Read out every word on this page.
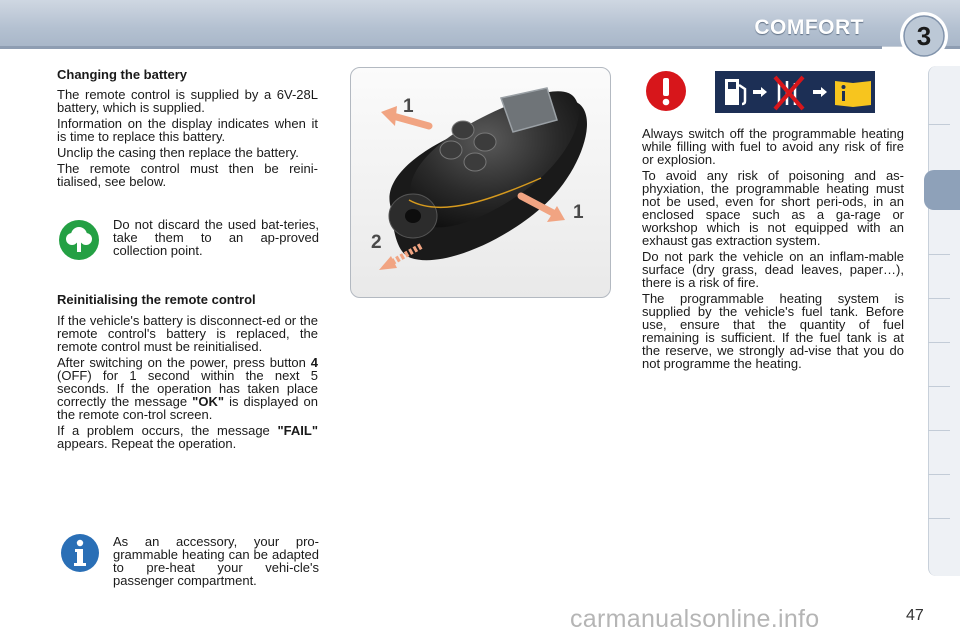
COMFORT 3

Changing the battery

The remote control is supplied by a 6V-28L battery, which is supplied.

Information on the display indicates when it is time to replace this battery.

Unclip the casing then replace the battery.

The remote control must then be reini-tialised, see below.

Do not discard the used bat-teries, take them to an ap-proved collection point.

Reinitialising the remote control

If the vehicle's battery is disconnect-ed or the remote control's battery is replaced, the remote control must be reinitialised.

After switching on the power, press button 4 (OFF) for 1 second within the next 5 seconds. If the operation has taken place correctly the message "OK" is displayed on the remote con-trol screen.

If a problem occurs, the message "FAIL" appears. Repeat the operation.

As an accessory, your pro-grammable heating can be adapted to pre-heat your vehi-cle's passenger compartment.
1
1
2

Always switch off the programmable heating while filling with fuel to avoid any risk of fire or explosion.

To avoid any risk of poisoning and as-phyxiation, the programmable heating must not be used, even for short peri-ods, in an enclosed space such as a ga-rage or workshop which is not equipped with an exhaust gas extraction system.

Do not park the vehicle on an inflam-mable surface (dry grass, dead leaves, paper…), there is a risk of fire.

The programmable heating system is supplied by the vehicle's fuel tank. Before use, ensure that the quantity of fuel remaining is sufficient. If the fuel tank is at the reserve, we strongly ad-vise that you do not programme the heating.

carmanualsonline.info	47
